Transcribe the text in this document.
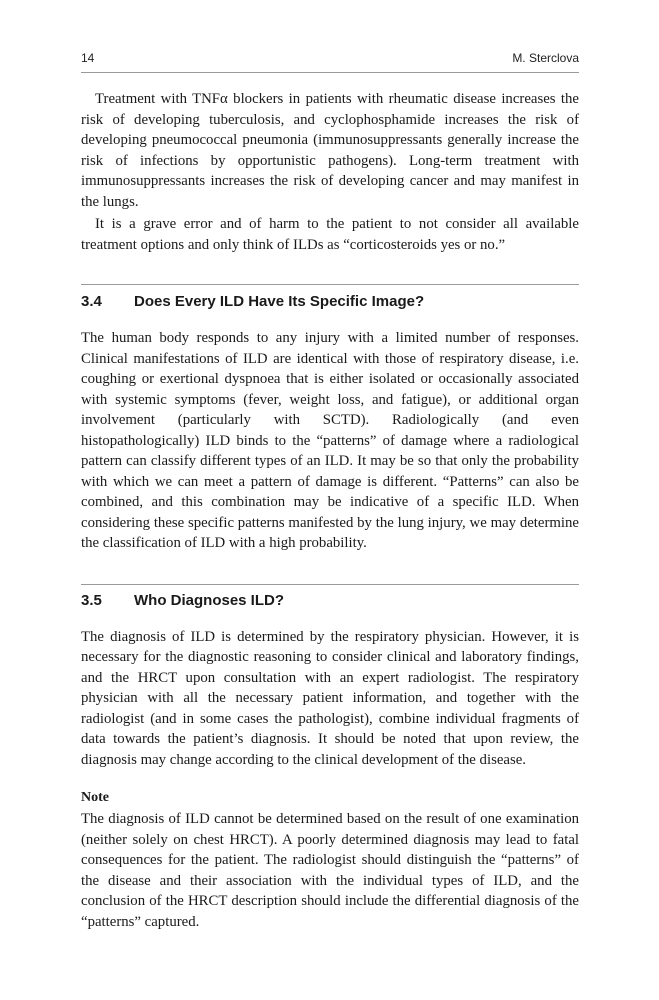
14	M. Sterclova

Treatment with TNFα blockers in patients with rheumatic disease increases the risk of developing tuberculosis, and cyclophosphamide increases the risk of developing pneumococcal pneumonia (immunosuppressants generally increase the risk of infections by opportunistic pathogens). Long-term treatment with immunosuppressants increases the risk of developing cancer and may manifest in the lungs.

It is a grave error and of harm to the patient to not consider all available treatment options and only think of ILDs as “corticosteroids yes or no.”

3.4	Does Every ILD Have Its Specific Image?

The human body responds to any injury with a limited number of responses. Clinical manifestations of ILD are identical with those of respiratory disease, i.e. coughing or exertional dyspnoea that is either isolated or occasionally associated with systemic symptoms (fever, weight loss, and fatigue), or additional organ involvement (particularly with SCTD). Radiologically (and even histopathologically) ILD binds to the “patterns” of damage where a radiological pattern can classify different types of an ILD. It may be so that only the probability with which we can meet a pattern of damage is different. “Patterns” can also be combined, and this combination may be indicative of a specific ILD. When considering these specific patterns manifested by the lung injury, we may determine the classification of ILD with a high probability.

3.5	Who Diagnoses ILD?

The diagnosis of ILD is determined by the respiratory physician. However, it is necessary for the diagnostic reasoning to consider clinical and laboratory findings, and the HRCT upon consultation with an expert radiologist. The respiratory physician with all the necessary patient information, and together with the radiologist (and in some cases the pathologist), combine individual fragments of data towards the patient’s diagnosis. It should be noted that upon review, the diagnosis may change according to the clinical development of the disease.

Note

The diagnosis of ILD cannot be determined based on the result of one examination (neither solely on chest HRCT). A poorly determined diagnosis may lead to fatal consequences for the patient. The radiologist should distinguish the “patterns” of the disease and their association with the individual types of ILD, and the conclusion of the HRCT description should include the differential diagnosis of the “patterns” captured.
